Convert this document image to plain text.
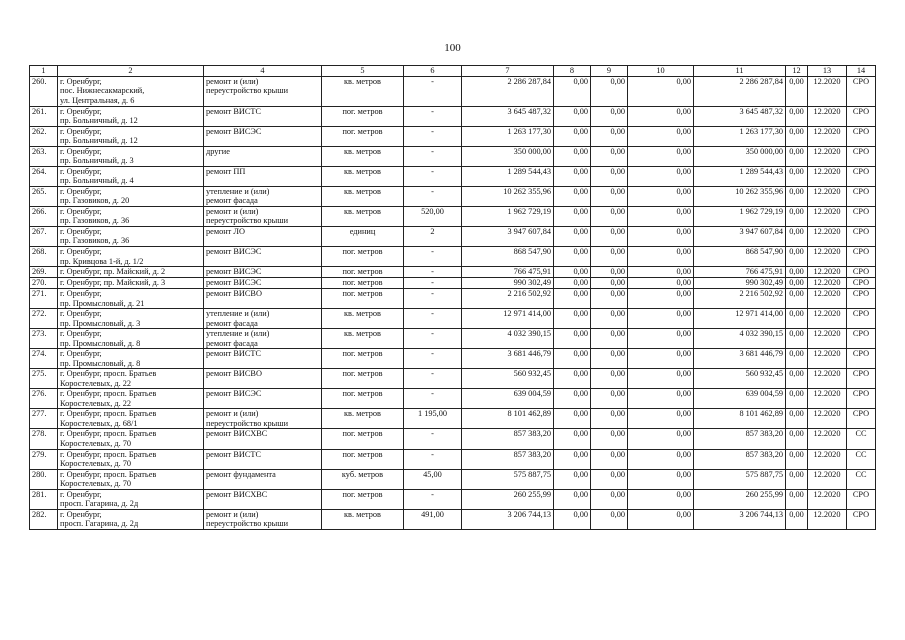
100
1	2	4	5	6	7	8	9	10	11	12	13	14
260.	г. Оренбург,
пос. Нижнесакмарский,
ул. Центральная, д. 6	ремонт и (или)
переустройство крыши	кв. метров	-	2 286 287,84	0,00	0,00	0,00	2 286 287,84	0,00	12.2020	СРО
261.	г. Оренбург,
пр. Больничный, д. 12	ремонт ВИСТС	пог. метров	-	3 645 487,32	0,00	0,00	0,00	3 645 487,32	0,00	12.2020	СРО
262.	г. Оренбург,
пр. Больничный, д. 12	ремонт ВИСЭС	пог. метров	-	1 263 177,30	0,00	0,00	0,00	1 263 177,30	0,00	12.2020	СРО
263.	г. Оренбург,
пр. Больничный, д. 3	другие	кв. метров	-	350 000,00	0,00	0,00	0,00	350 000,00	0,00	12.2020	СРО
264.	г. Оренбург,
пр. Больничный, д. 4	ремонт ПП	кв. метров	-	1 289 544,43	0,00	0,00	0,00	1 289 544,43	0,00	12.2020	СРО
265.	г. Оренбург,
пр. Газовиков, д. 20	утепление и (или)
ремонт фасада	кв. метров	-	10 262 355,96	0,00	0,00	0,00	10 262 355,96	0,00	12.2020	СРО
266.	г. Оренбург,
пр. Газовиков, д. 36	ремонт и (или)
переустройство крыши	кв. метров	520,00	1 962 729,19	0,00	0,00	0,00	1 962 729,19	0,00	12.2020	СРО
267.	г. Оренбург,
пр. Газовиков, д. 36	ремонт ЛО	единиц	2	3 947 607,84	0,00	0,00	0,00	3 947 607,84	0,00	12.2020	СРО
268.	г. Оренбург,
пр. Кривцова 1-й, д. 1/2	ремонт ВИСЭС	пог. метров	-	868 547,90	0,00	0,00	0,00	868 547,90	0,00	12.2020	СРО
269.	г. Оренбург, пр. Майский, д. 2	ремонт ВИСЭС	пог. метров	-	766 475,91	0,00	0,00	0,00	766 475,91	0,00	12.2020	СРО
270.	г. Оренбург, пр. Майский, д. 3	ремонт ВИСЭС	пог. метров	-	990 302,49	0,00	0,00	0,00	990 302,49	0,00	12.2020	СРО
271.	г. Оренбург,
пр. Промысловый, д. 21	ремонт ВИСВО	пог. метров	-	2 216 502,92	0,00	0,00	0,00	2 216 502,92	0,00	12.2020	СРО
272.	г. Оренбург,
пр. Промысловый, д. 3	утепление и (или)
ремонт фасада	кв. метров	-	12 971 414,00	0,00	0,00	0,00	12 971 414,00	0,00	12.2020	СРО
273.	г. Оренбург,
пр. Промысловый, д. 8	утепление и (или)
ремонт фасада	кв. метров	-	4 032 390,15	0,00	0,00	0,00	4 032 390,15	0,00	12.2020	СРО
274.	г. Оренбург,
пр. Промысловый, д. 8	ремонт ВИСТС	пог. метров	-	3 681 446,79	0,00	0,00	0,00	3 681 446,79	0,00	12.2020	СРО
275.	г. Оренбург, просп. Братьев
Коростелевых, д. 22	ремонт ВИСВО	пог. метров	-	560 932,45	0,00	0,00	0,00	560 932,45	0,00	12.2020	СРО
276.	г. Оренбург, просп. Братьев
Коростелевых, д. 22	ремонт ВИСЭС	пог. метров	-	639 004,59	0,00	0,00	0,00	639 004,59	0,00	12.2020	СРО
277.	г. Оренбург, просп. Братьев
Коростелевых, д. 68/1	ремонт и (или)
переустройство крыши	кв. метров	1 195,00	8 101 462,89	0,00	0,00	0,00	8 101 462,89	0,00	12.2020	СРО
278.	г. Оренбург, просп. Братьев
Коростелевых, д. 70	ремонт ВИСХВС	пог. метров	-	857 383,20	0,00	0,00	0,00	857 383,20	0,00	12.2020	СС
279.	г. Оренбург, просп. Братьев
Коростелевых, д. 70	ремонт ВИСТС	пог. метров	-	857 383,20	0,00	0,00	0,00	857 383,20	0,00	12.2020	СС
280.	г. Оренбург, просп. Братьев
Коростелевых, д. 70	ремонт фундамента	куб. метров	45,00	575 887,75	0,00	0,00	0,00	575 887,75	0,00	12.2020	СС
281.	г. Оренбург,
просп. Гагарина, д. 2д	ремонт ВИСХВС	пог. метров	-	260 255,99	0,00	0,00	0,00	260 255,99	0,00	12.2020	СРО
282.	г. Оренбург,
просп. Гагарина, д. 2д	ремонт и (или)
переустройство крыши	кв. метров	491,00	3 206 744,13	0,00	0,00	0,00	3 206 744,13	0,00	12.2020	СРО
